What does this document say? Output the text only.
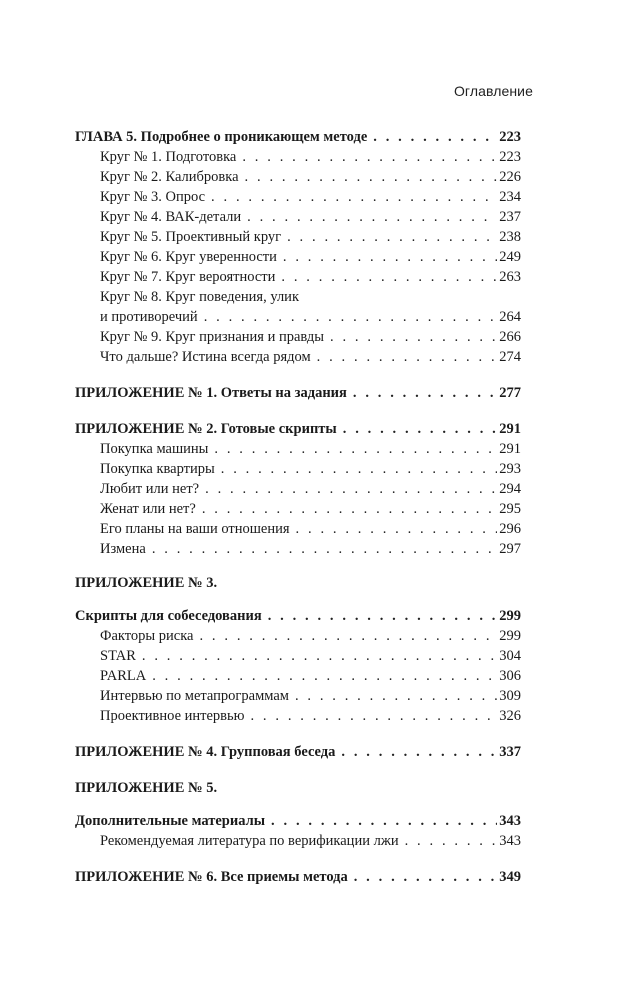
Оглавление
ГЛАВА 5. Подробнее о проникающем методе . . .	223
Круг № 1. Подготовка . . .	223
Круг № 2. Калибровка . . .	226
Круг № 3. Опрос . . .	234
Круг № 4. ВАК-детали . . .	237
Круг № 5. Проективный круг . . .	238
Круг № 6. Круг уверенности . . .	249
Круг № 7. Круг вероятности . . .	263
Круг № 8. Круг поведения, улик
и противоречий . . .	264
Круг № 9. Круг признания и правды . . .	266
Что дальше? Истина всегда рядом . . .	274
ПРИЛОЖЕНИЕ № 1. Ответы на задания . . .	277
ПРИЛОЖЕНИЕ № 2. Готовые скрипты . . .	291
Покупка машины . . .	291
Покупка квартиры . . .	293
Любит или нет? . . .	294
Женат или нет? . . .	295
Его планы на ваши отношения . . .	296
Измена . . .	297
ПРИЛОЖЕНИЕ № 3.
Скрипты для собеседования . . .	299
Факторы риска . . .	299
STAR . . .	304
PARLA . . .	306
Интервью по метапрограммам . . .	309
Проективное интервью . . .	326
ПРИЛОЖЕНИЕ № 4. Групповая беседа . . .	337
ПРИЛОЖЕНИЕ № 5.
Дополнительные материалы . . .	343
Рекомендуемая литература по верификации лжи . . .	343
ПРИЛОЖЕНИЕ № 6. Все приемы метода . . .	349
